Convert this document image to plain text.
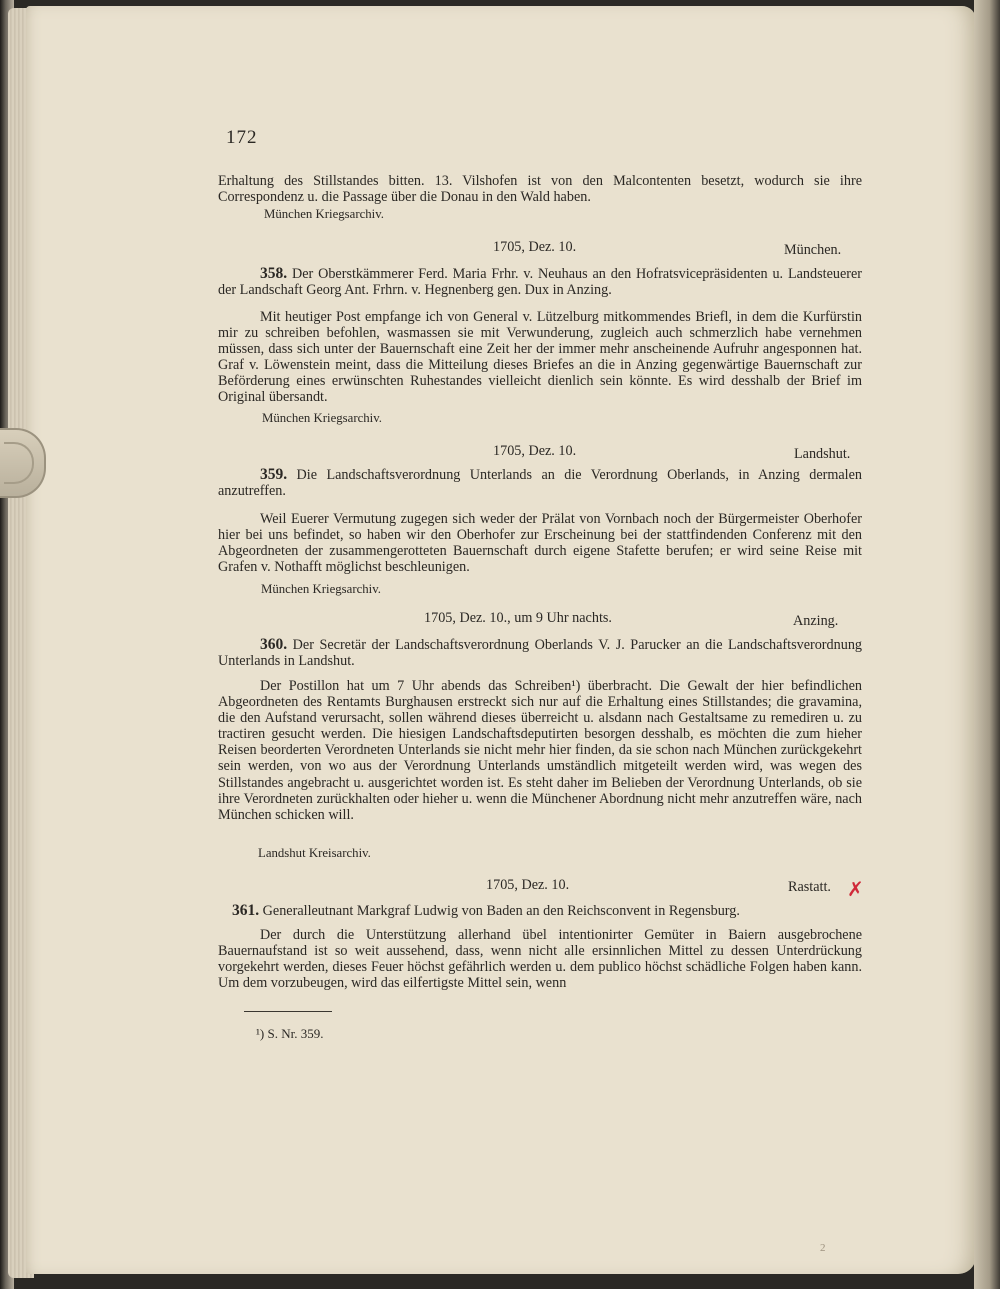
172
Erhaltung des Stillstandes bitten. 13. Vilshofen ist von den Malcontenten besetzt, wodurch sie ihre Correspondenz u. die Passage über die Donau in den Wald haben.
München Kriegsarchiv.
1705, Dez. 10.	München.
358. Der Oberstkämmerer Ferd. Maria Frhr. v. Neuhaus an den Hofratsvicepräsidenten u. Landsteuerer der Landschaft Georg Ant. Frhrn. v. Hegnenberg gen. Dux in Anzing.
Mit heutiger Post empfange ich von General v. Lützelburg mitkommendes Briefl, in dem die Kurfürstin mir zu schreiben befohlen, wasmassen sie mit Verwunderung, zugleich auch schmerzlich habe vernehmen müssen, dass sich unter der Bauernschaft eine Zeit her der immer mehr anscheinende Aufruhr angesponnen hat. Graf v. Löwenstein meint, dass die Mitteilung dieses Briefes an die in Anzing gegenwärtige Bauernschaft zur Beförderung eines erwünschten Ruhestandes vielleicht dienlich sein könnte. Es wird desshalb der Brief im Original übersandt.
München Kriegsarchiv.
1705, Dez. 10.	Landshut.
359. Die Landschaftsverordnung Unterlands an die Verordnung Oberlands, in Anzing dermalen anzutreffen.
Weil Euerer Vermutung zugegen sich weder der Prälat von Vornbach noch der Bürgermeister Oberhofer hier bei uns befindet, so haben wir den Oberhofer zur Erscheinung bei der stattfindenden Conferenz mit den Abgeordneten der zusammengerotteten Bauernschaft durch eigene Stafette berufen; er wird seine Reise mit Grafen v. Nothafft möglichst beschleunigen.
München Kriegsarchiv.
1705, Dez. 10., um 9 Uhr nachts.	Anzing.
360. Der Secretär der Landschaftsverordnung Oberlands V. J. Parucker an die Landschaftsverordnung Unterlands in Landshut.
Der Postillon hat um 7 Uhr abends das Schreiben¹) überbracht. Die Gewalt der hier befindlichen Abgeordneten des Rentamts Burghausen erstreckt sich nur auf die Erhaltung eines Stillstandes; die gravamina, die den Aufstand verursacht, sollen während dieses überreicht u. alsdann nach Gestaltsame zu remediren u. zu tractiren gesucht werden. Die hiesigen Landschaftsdeputirten besorgen desshalb, es möchten die zum hieher Reisen beorderten Verordneten Unterlands sie nicht mehr hier finden, da sie schon nach München zurückgekehrt sein werden, von wo aus der Verordnung Unterlands umständlich mitgeteilt werden wird, was wegen des Stillstandes angebracht u. ausgerichtet worden ist. Es steht daher im Belieben der Verordnung Unterlands, ob sie ihre Verordneten zurückhalten oder hieher u. wenn die Münchener Abordnung nicht mehr anzutreffen wäre, nach München schicken will.
Landshut Kreisarchiv.
1705, Dez. 10.	Rastatt. ✗
361. Generalleutnant Markgraf Ludwig von Baden an den Reichsconvent in Regensburg.
Der durch die Unterstützung allerhand übel intentionirter Gemüter in Baiern ausgebrochene Bauernaufstand ist so weit aussehend, dass, wenn nicht alle ersinnlichen Mittel zu dessen Unterdrückung vorgekehrt werden, dieses Feuer höchst gefährlich werden u. dem publico höchst schädliche Folgen haben kann. Um dem vorzubeugen, wird das eilfertigste Mittel sein, wenn
¹) S. Nr. 359.
2
